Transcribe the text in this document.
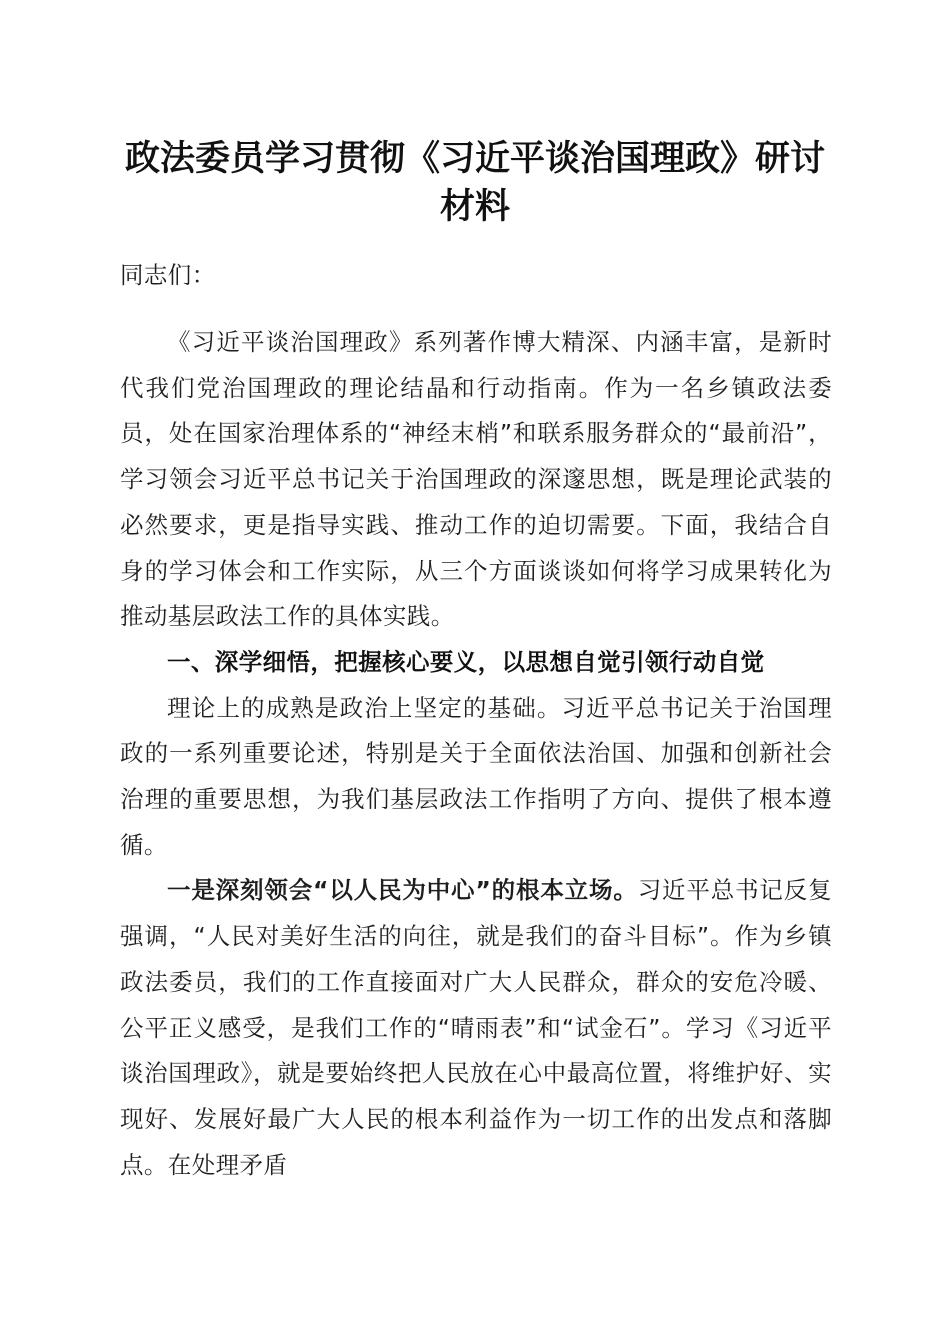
政法委员学习贯彻《习近平谈治国理政》研讨
材料
同志们：

《习近平谈治国理政》系列著作博大精深、内涵丰富，是新时代我们党治国理政的理论结晶和行动指南。作为一名乡镇政法委员，处在国家治理体系的“神经末梢”和联系服务群众的“最前沿”，学习领会习近平总书记关于治国理政的深邃思想，既是理论武装的必然要求，更是指导实践、推动工作的迫切需要。下面，我结合自身的学习体会和工作实际，从三个方面谈谈如何将学习成果转化为推动基层政法工作的具体实践。

一、深学细悟，把握核心要义，以思想自觉引领行动自觉

理论上的成熟是政治上坚定的基础。习近平总书记关于治国理政的一系列重要论述，特别是关于全面依法治国、加强和创新社会治理的重要思想，为我们基层政法工作指明了方向、提供了根本遵循。

一是深刻领会“以人民为中心”的根本立场。习近平总书记反复强调，“人民对美好生活的向往，就是我们的奋斗目标”。作为乡镇政法委员，我们的工作直接面对广大人民群众，群众的安危冷暖、公平正义感受，是我们工作的“晴雨表”和“试金石”。学习《习近平谈治国理政》，就是要始终把人民放在心中最高位置，将维护好、实现好、发展好最广大人民的根本利益作为一切工作的出发点和落脚点。在处理矛盾
